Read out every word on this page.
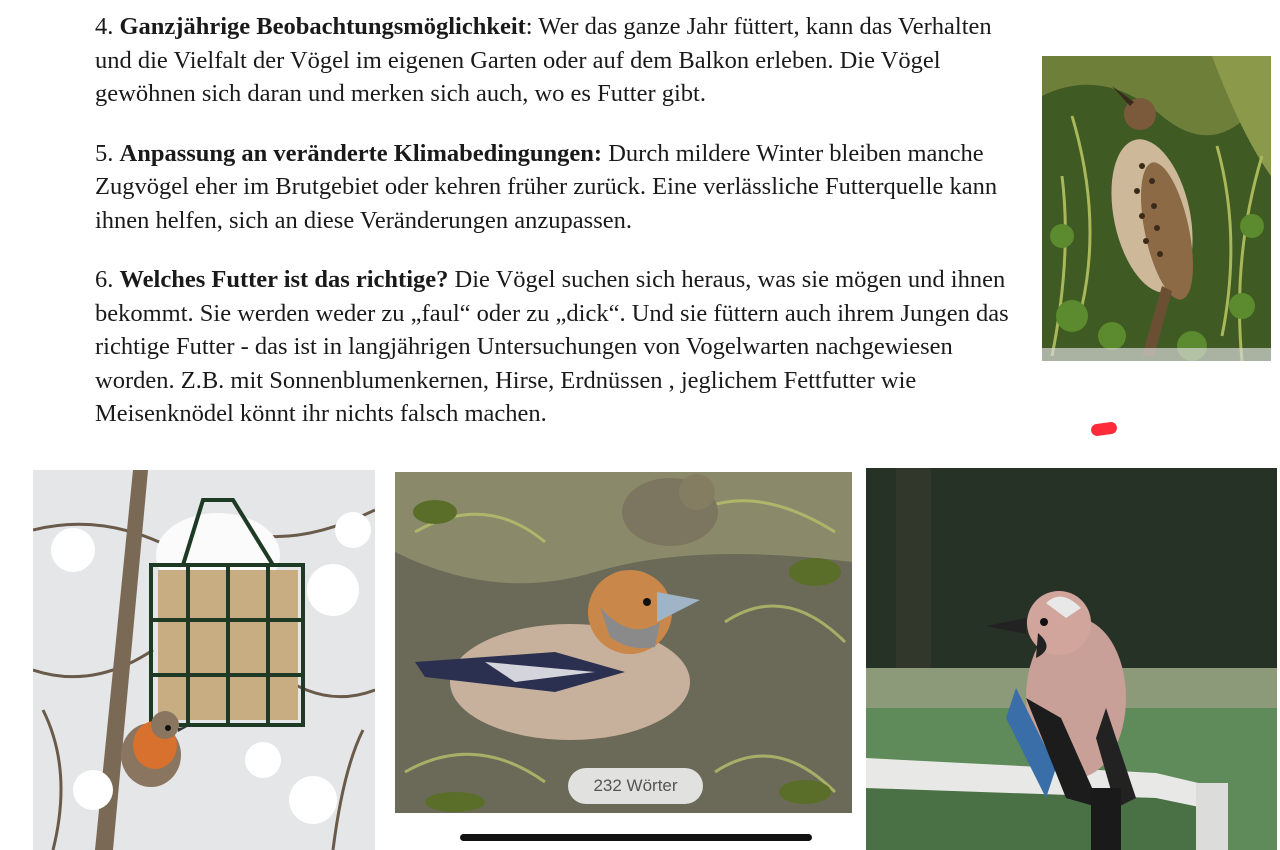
4. Ganzjährige Beobachtungsmöglichkeit: Wer das ganze Jahr füttert, kann das Verhalten und die Vielfalt der Vögel im eigenen Garten oder auf dem Balkon erleben. Die Vögel gewöhnen sich daran und merken sich auch, wo es Futter gibt.

5. Anpassung an veränderte Klimabedingungen: Durch mildere Winter bleiben manche Zugvögel eher im Brutgebiet oder kehren früher zurück. Eine verlässliche Futterquelle kann ihnen helfen, sich an diese Veränderungen anzupassen.

6. Welches Futter ist das richtige? Die Vögel suchen sich heraus, was sie mögen und ihnen bekommt. Sie werden weder zu „faul“ oder zu „dick“. Und sie füttern auch ihrem Jungen das richtige Futter - das ist in langjährigen Untersuchungen von Vogelwarten nachgewiesen worden. Z.B. mit Sonnenblumenkernen, Hirse, Erdnüssen , jeglichem Fettfutter wie Meisenknödel könnt ihr nichts falsch machen.

232 Wörter
